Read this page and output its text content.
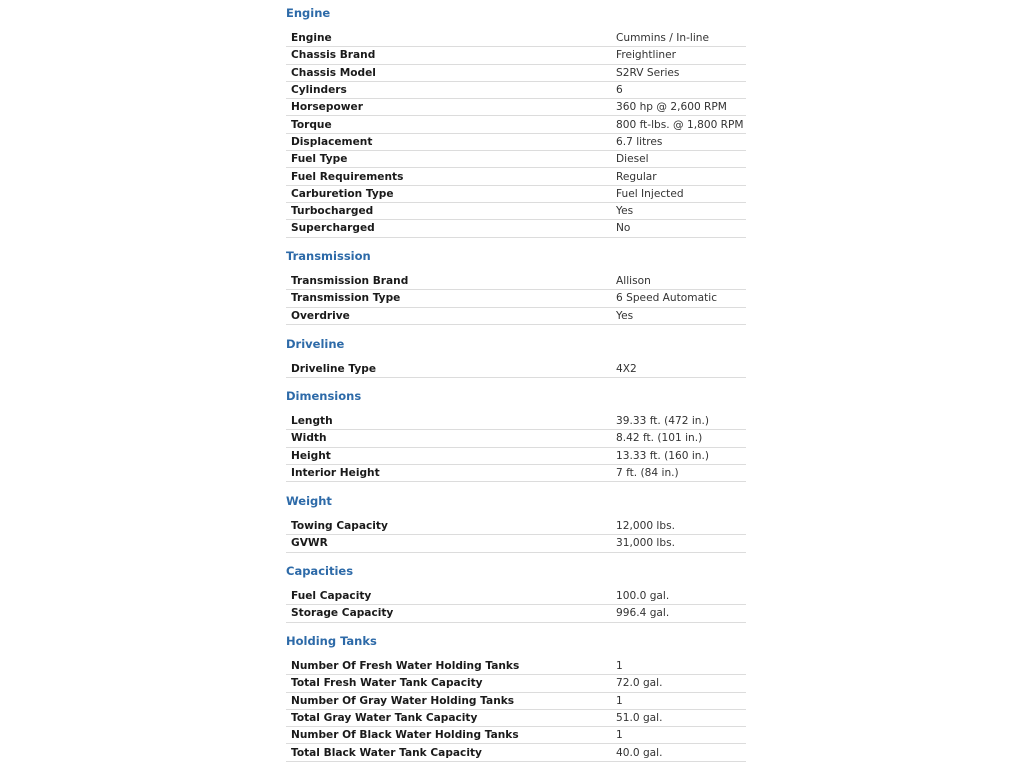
Engine
Engine	Cummins / In-line
Chassis Brand	Freightliner
Chassis Model	S2RV Series
Cylinders	6
Horsepower	360 hp @ 2,600 RPM
Torque	800 ft-lbs. @ 1,800 RPM
Displacement	6.7 litres
Fuel Type	Diesel
Fuel Requirements	Regular
Carburetion Type	Fuel Injected
Turbocharged	Yes
Supercharged	No
Transmission
Transmission Brand	Allison
Transmission Type	6 Speed Automatic
Overdrive	Yes
Driveline
Driveline Type	4X2
Dimensions
Length	39.33 ft. (472 in.)
Width	8.42 ft. (101 in.)
Height	13.33 ft. (160 in.)
Interior Height	7 ft. (84 in.)
Weight
Towing Capacity	12,000 lbs.
GVWR	31,000 lbs.
Capacities
Fuel Capacity	100.0 gal.
Storage Capacity	996.4 gal.
Holding Tanks
Number Of Fresh Water Holding Tanks	1
Total Fresh Water Tank Capacity	72.0 gal.
Number Of Gray Water Holding Tanks	1
Total Gray Water Tank Capacity	51.0 gal.
Number Of Black Water Holding Tanks	1
Total Black Water Tank Capacity	40.0 gal.
